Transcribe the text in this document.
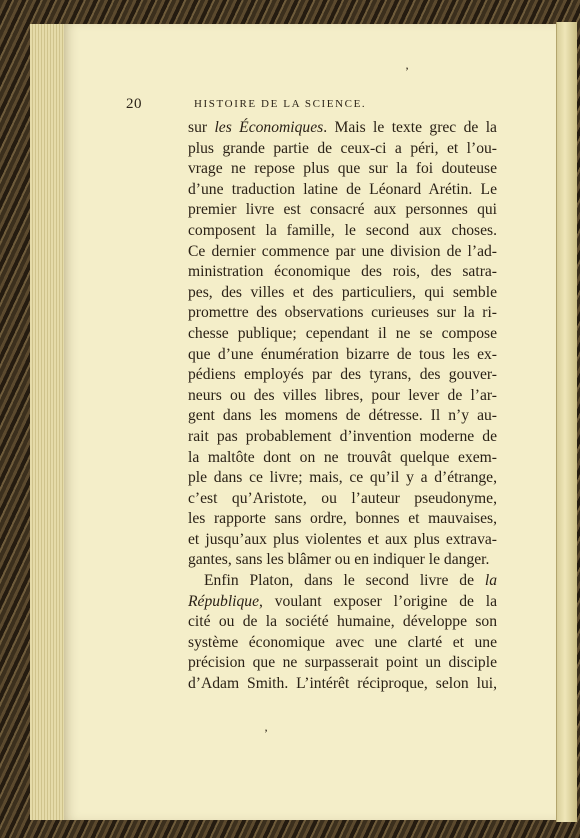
20	HISTOIRE DE LA SCIENCE.
sur les Économiques. Mais le texte grec de la
plus grande partie de ceux-ci a péri, et l’ou-
vrage ne repose plus que sur la foi douteuse
d’une traduction latine de Léonard Arétin. Le
premier livre est consacré aux personnes qui
composent la famille, le second aux choses.
Ce dernier commence par une division de l’ad-
ministration économique des rois, des satra-
pes, des villes et des particuliers, qui semble
promettre des observations curieuses sur la ri-
chesse publique; cependant il ne se compose
que d’une énumération bizarre de tous les ex-
pédiens employés par des tyrans, des gouver-
neurs ou des villes libres, pour lever de l’ar-
gent dans les momens de détresse. Il n’y au-
rait pas probablement d’invention moderne de
la maltôte dont on ne trouvât quelque exem-
ple dans ce livre; mais, ce qu’il y a d’étrange,
c’est qu’Aristote, ou l’auteur pseudonyme,
les rapporte sans ordre, bonnes et mauvaises,
et jusqu’aux plus violentes et aux plus extrava-
gantes, sans les blâmer ou en indiquer le danger.
Enfin Platon, dans le second livre de la
République, voulant exposer l’origine de la
cité ou de la société humaine, développe son
système économique avec une clarté et une
précision que ne surpasserait point un disciple
d’Adam Smith. L’intérêt réciproque, selon lui,
’
’
